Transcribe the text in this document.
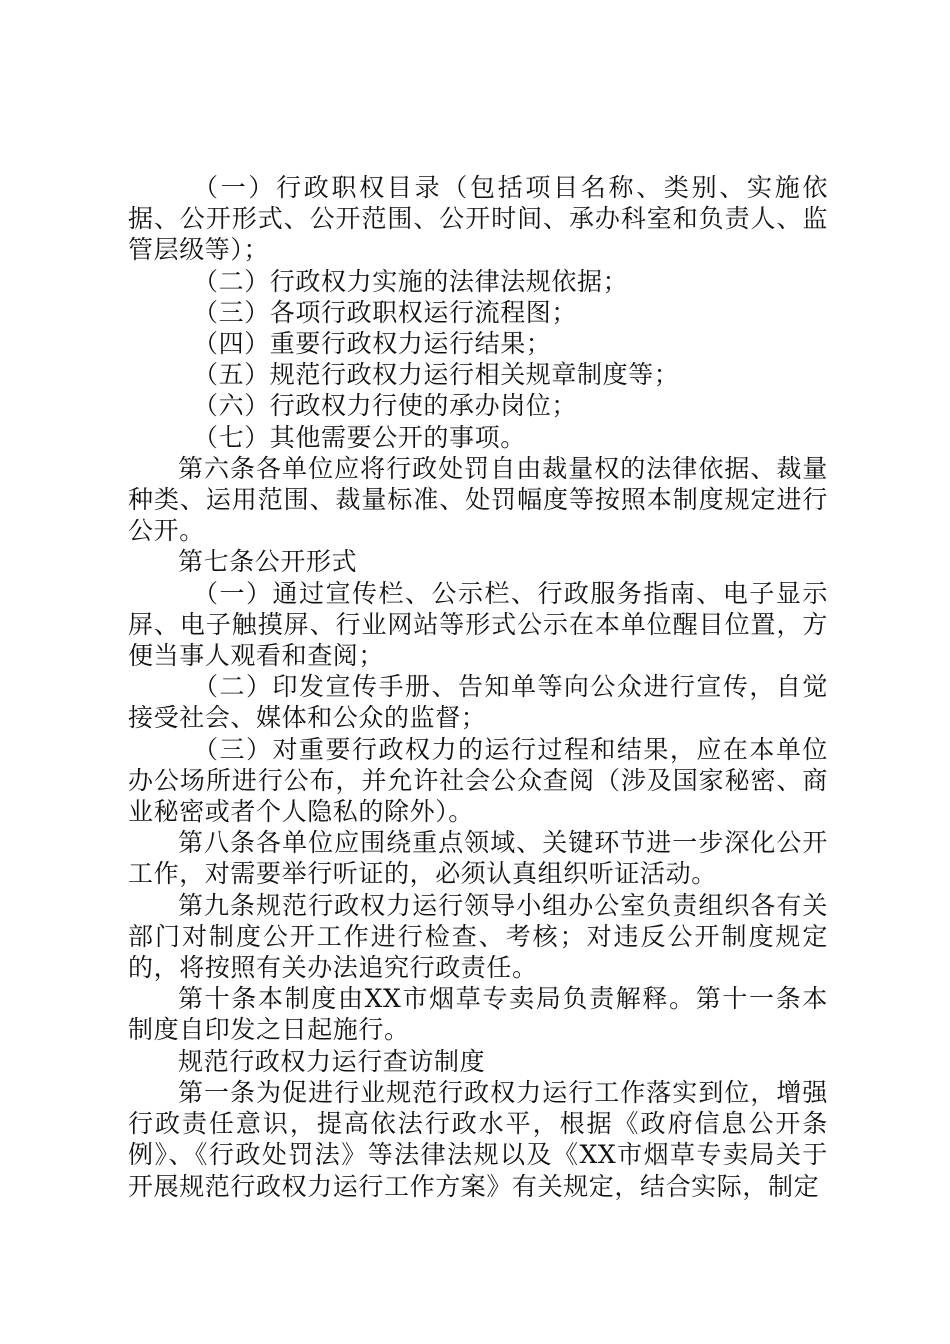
（一）行政职权目录（包括项目名称、类别、实施依据、公开形式、公开范围、公开时间、承办科室和负责人、监管层级等）；

（二）行政权力实施的法律法规依据；

（三）各项行政职权运行流程图；

（四）重要行政权力运行结果；

（五）规范行政权力运行相关规章制度等；

（六）行政权力行使的承办岗位；

（七）其他需要公开的事项。

第六条各单位应将行政处罚自由裁量权的法律依据、裁量种类、运用范围、裁量标准、处罚幅度等按照本制度规定进行公开。

第七条公开形式

（一）通过宣传栏、公示栏、行政服务指南、电子显示屏、电子触摸屏、行业网站等形式公示在本单位醒目位置，方便当事人观看和查阅；

（二）印发宣传手册、告知单等向公众进行宣传，自觉接受社会、媒体和公众的监督；

（三）对重要行政权力的运行过程和结果，应在本单位办公场所进行公布，并允许社会公众查阅（涉及国家秘密、商业秘密或者个人隐私的除外）。

第八条各单位应围绕重点领域、关键环节进一步深化公开工作，对需要举行听证的，必须认真组织听证活动。

第九条规范行政权力运行领导小组办公室负责组织各有关部门对制度公开工作进行检查、考核；对违反公开制度规定的，将按照有关办法追究行政责任。

第十条本制度由XX市烟草专卖局负责解释。第十一条本制度自印发之日起施行。

规范行政权力运行查访制度

第一条为促进行业规范行政权力运行工作落实到位，增强行政责任意识，提高依法行政水平，根据《政府信息公开条例》、《行政处罚法》等法律法规以及《XX市烟草专卖局关于开展规范行政权力运行工作方案》有关规定，结合实际，制定
